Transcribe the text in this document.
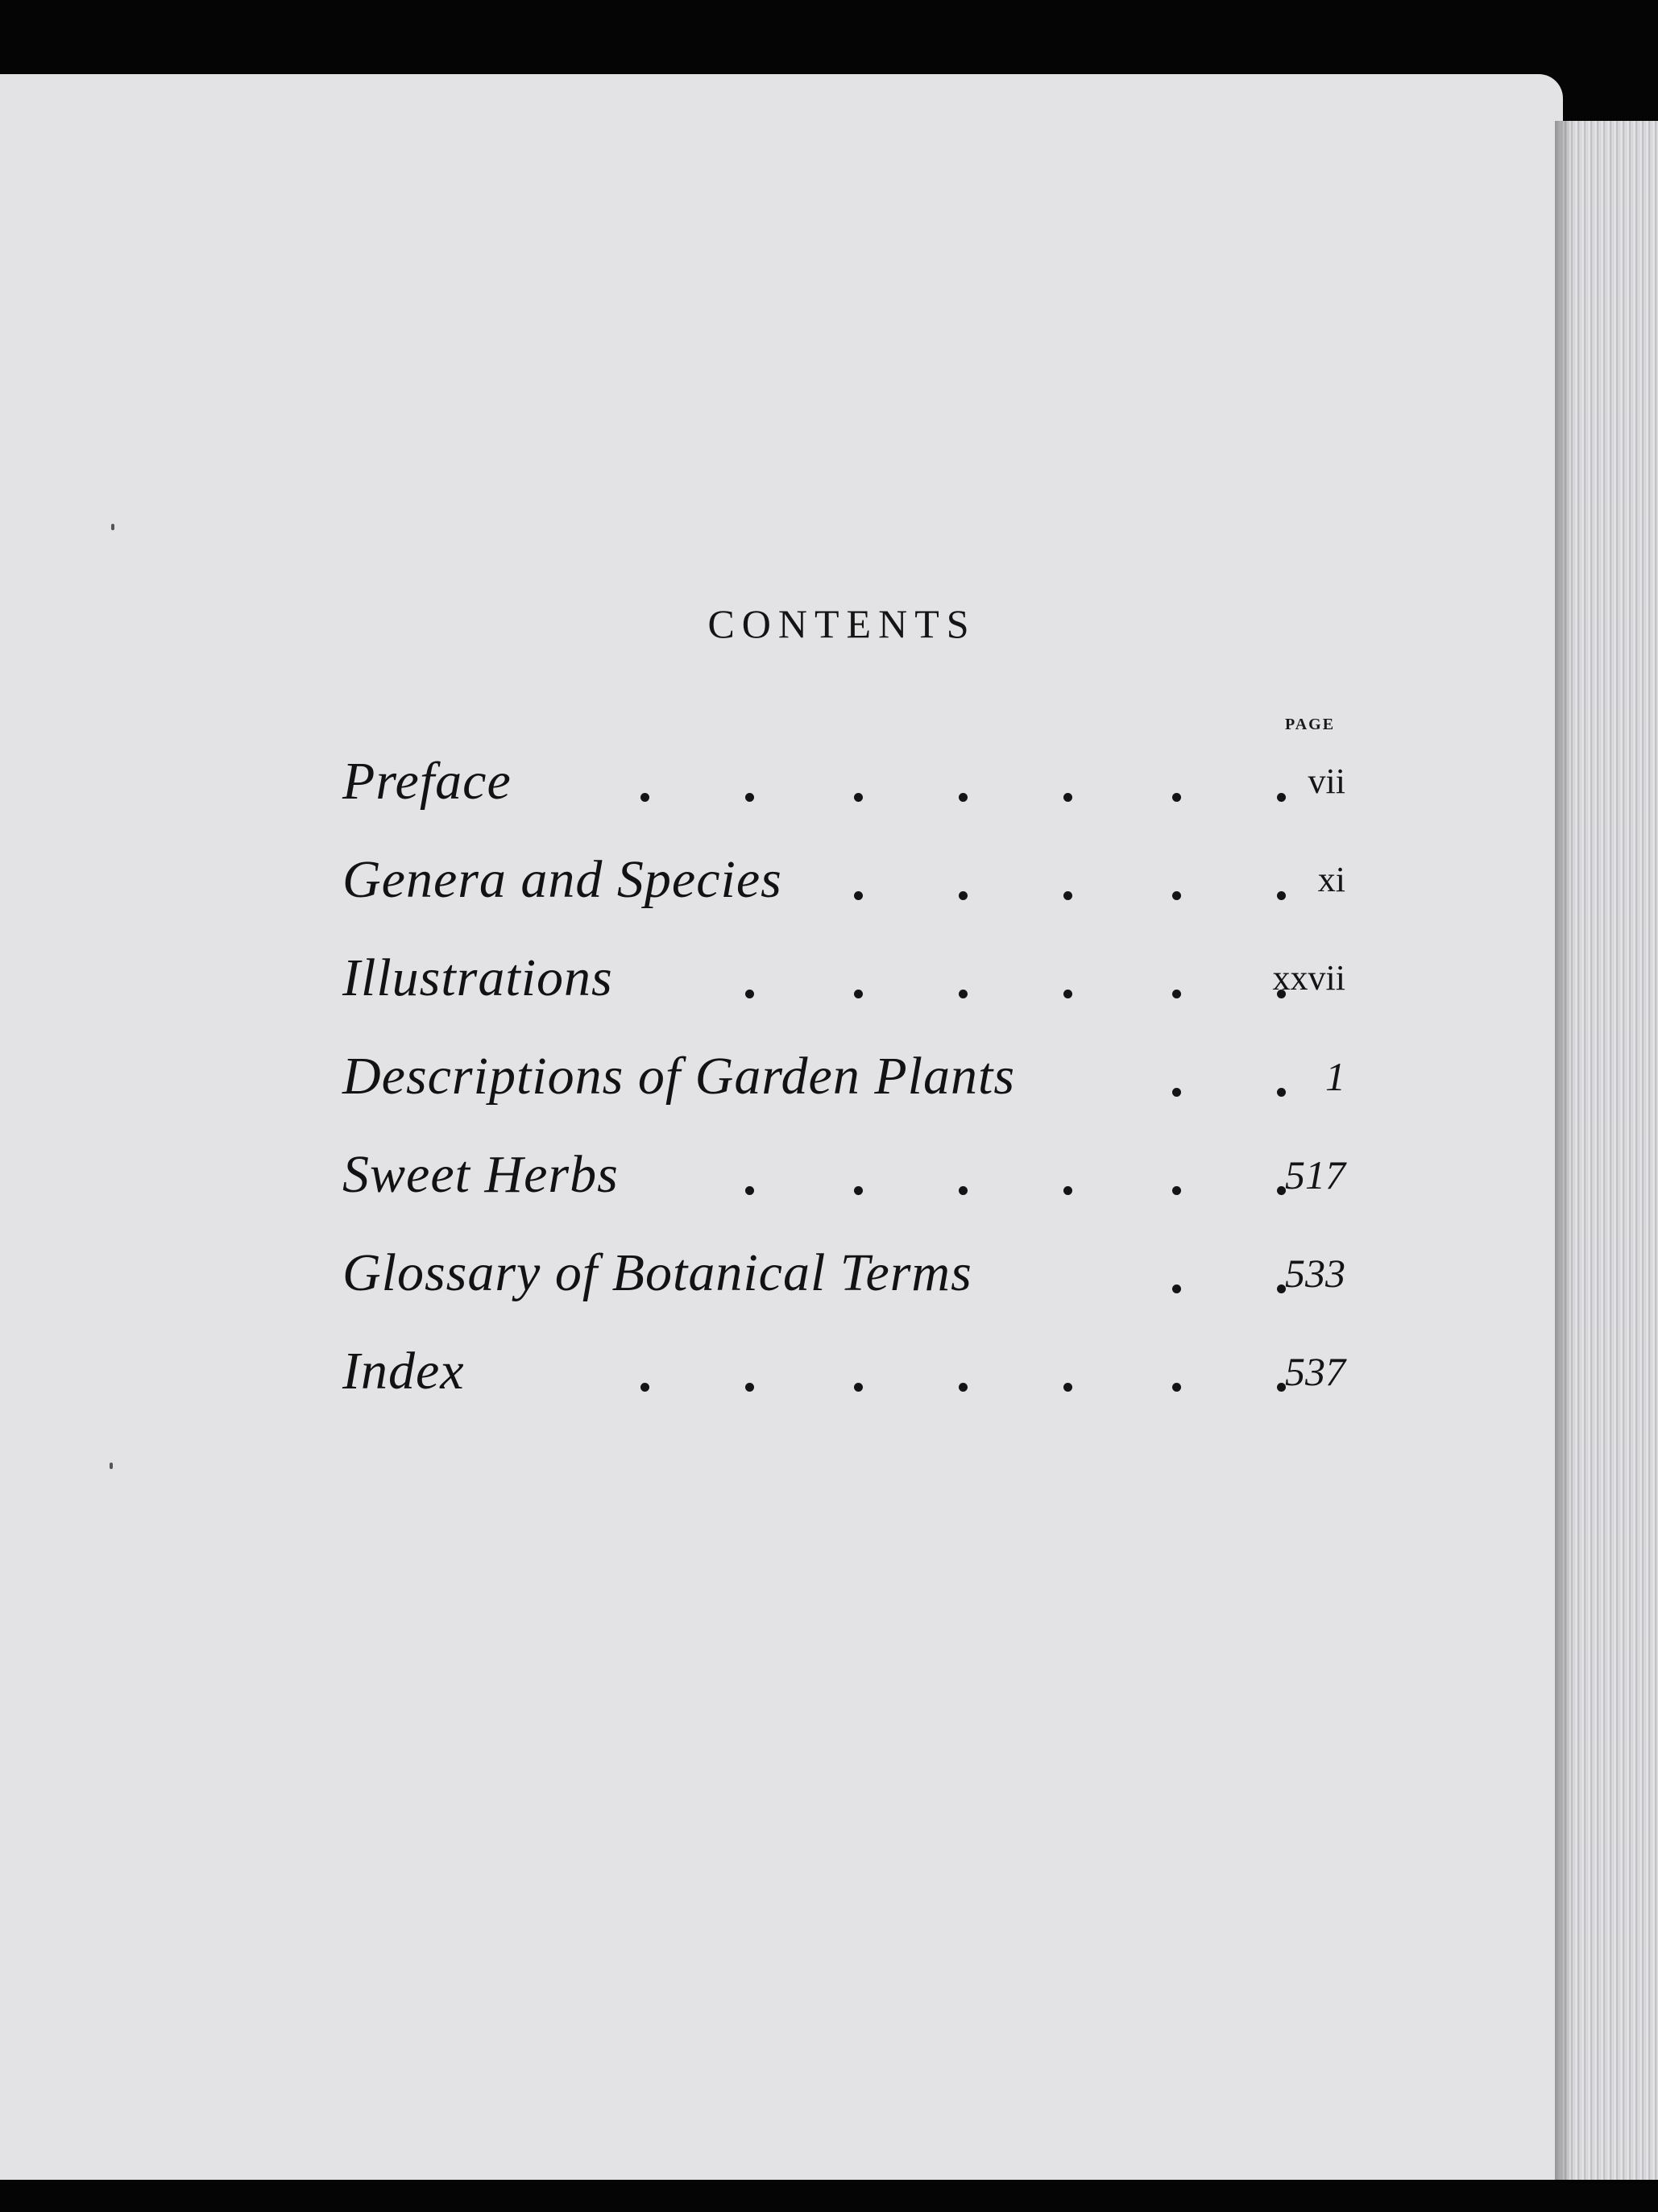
CONTENTS
PAGE
Preface	vii
Genera and Species	xi
Illustrations	xxvii
Descriptions of Garden Plants	1
Sweet Herbs	517
Glossary of Botanical Terms	533
Index	537
